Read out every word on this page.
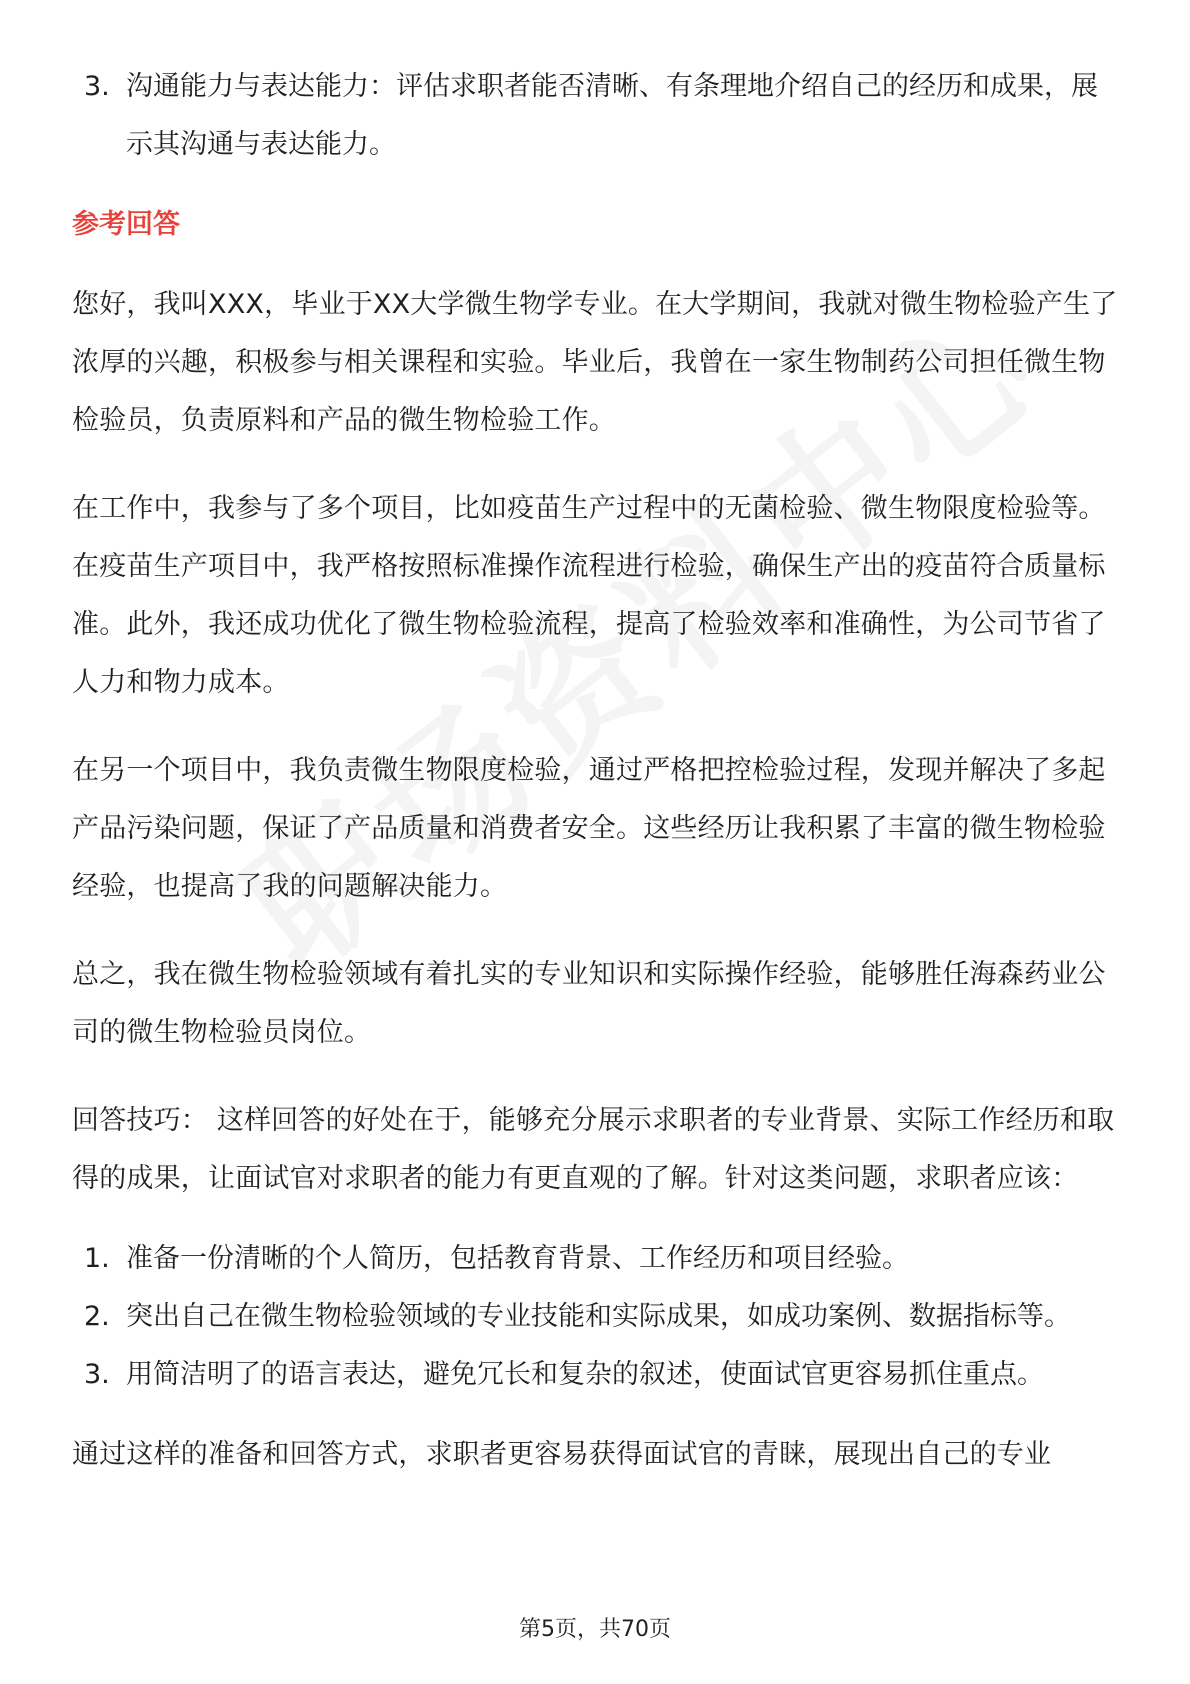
3. 沟通能力与表达能力：评估求职者能否清晰、有条理地介绍自己的经历和成果，展示其沟通与表达能力。
参考回答

您好，我叫XXX，毕业于XX大学微生物学专业。在大学期间，我就对微生物检验产生了浓厚的兴趣，积极参与相关课程和实验。毕业后，我曾在一家生物制药公司担任微生物检验员，负责原料和产品的微生物检验工作。

在工作中，我参与了多个项目，比如疫苗生产过程中的无菌检验、微生物限度检验等。在疫苗生产项目中，我严格按照标准操作流程进行检验，确保生产出的疫苗符合质量标准。此外，我还成功优化了微生物检验流程，提高了检验效率和准确性，为公司节省了人力和物力成本。

在另一个项目中，我负责微生物限度检验，通过严格把控检验过程，发现并解决了多起产品污染问题，保证了产品质量和消费者安全。这些经历让我积累了丰富的微生物检验经验，也提高了我的问题解决能力。

总之，我在微生物检验领域有着扎实的专业知识和实际操作经验，能够胜任海森药业公司的微生物检验员岗位。

回答技巧： 这样回答的好处在于，能够充分展示求职者的专业背景、实际工作经历和取得的成果，让面试官对求职者的能力有更直观的了解。针对这类问题，求职者应该：

1. 准备一份清晰的个人简历，包括教育背景、工作经历和项目经验。
2. 突出自己在微生物检验领域的专业技能和实际成果，如成功案例、数据指标等。
3. 用简洁明了的语言表达，避免冗长和复杂的叙述，使面试官更容易抓住重点。

通过这样的准备和回答方式，求职者更容易获得面试官的青睐，展现出自己的专业

第5页，共70页
